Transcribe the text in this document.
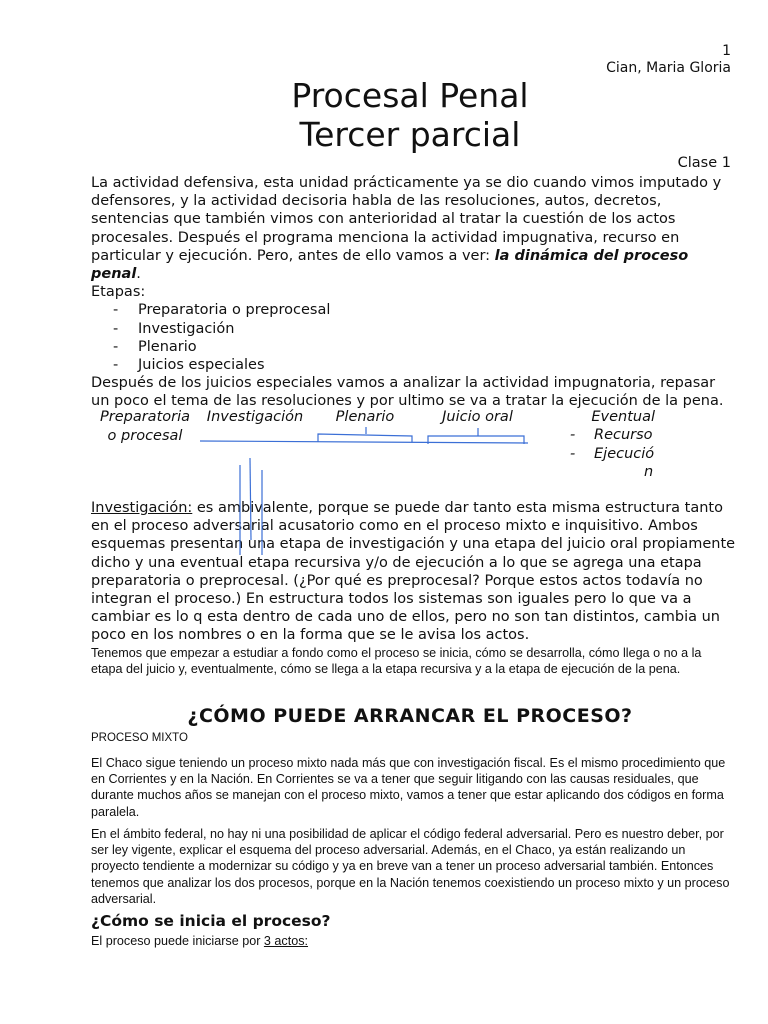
1
Cian, Maria Gloria
Procesal Penal
Tercer parcial
Clase 1

La actividad defensiva, esta unidad prácticamente ya se dio cuando vimos imputado y defensores, y la actividad decisoria habla de las resoluciones, autos, decretos, sentencias que también vimos con anterioridad al tratar la cuestión de los actos procesales. Después el programa menciona la actividad impugnativa, recurso en particular y ejecución. Pero, antes de ello vamos a ver: la dinámica del proceso penal.

Etapas:

- Preparatoria o preprocesal
- Investigación
- Plenario
- Juicios especiales

Después de los juicios especiales vamos a analizar la actividad impugnatoria, repasar un poco el tema de las resoluciones y por ultimo se va a tratar la ejecución de la pena.

Preparatoria
o procesal
Investigación	Plenario	Juicio oral	Eventual
- Recurso

- Ejecució

n

Investigación: es ambivalente, porque se puede dar tanto esta misma estructura tanto en el proceso adversarial acusatorio como en el proceso mixto e inquisitivo. Ambos esquemas presentan una etapa de investigación y una etapa del juicio oral propiamente dicho y una eventual etapa recursiva y/o de ejecución a lo que se agrega una etapa preparatoria o preprocesal. (¿Por qué es preprocesal? Porque estos actos todavía no integran el proceso.) En estructura todos los sistemas son iguales pero lo que va a cambiar es lo q esta dentro de cada uno de ellos, pero no son tan distintos, cambia un poco en los nombres o en la forma que se le avisa los actos.

Tenemos que empezar a estudiar a fondo como el proceso se inicia, cómo se desarrolla, cómo llega o no a la etapa del juicio y, eventualmente, cómo se llega a la etapa recursiva y a la etapa de ejecución de la pena.

¿CÓMO PUEDE ARRANCAR EL PROCESO?
PROCESO MIXTO

El Chaco sigue teniendo un proceso mixto nada más que con investigación fiscal. Es el mismo procedimiento que en Corrientes y en la Nación. En Corrientes se va a tener que seguir litigando con las causas residuales, que durante muchos años se manejan con el proceso mixto, vamos a tener que estar aplicando dos códigos en forma paralela.

En el ámbito federal, no hay ni una posibilidad de aplicar el código federal adversarial. Pero es nuestro deber, por ser ley vigente, explicar el esquema del proceso adversarial. Además, en el Chaco, ya están realizando un proyecto tendiente a modernizar su código y ya en breve van a tener un proceso adversarial también. Entonces tenemos que analizar los dos procesos, porque en la Nación tenemos coexistiendo un proceso mixto y un proceso adversarial.

¿Cómo se inicia el proceso?

El proceso puede iniciarse por 3 actos:
